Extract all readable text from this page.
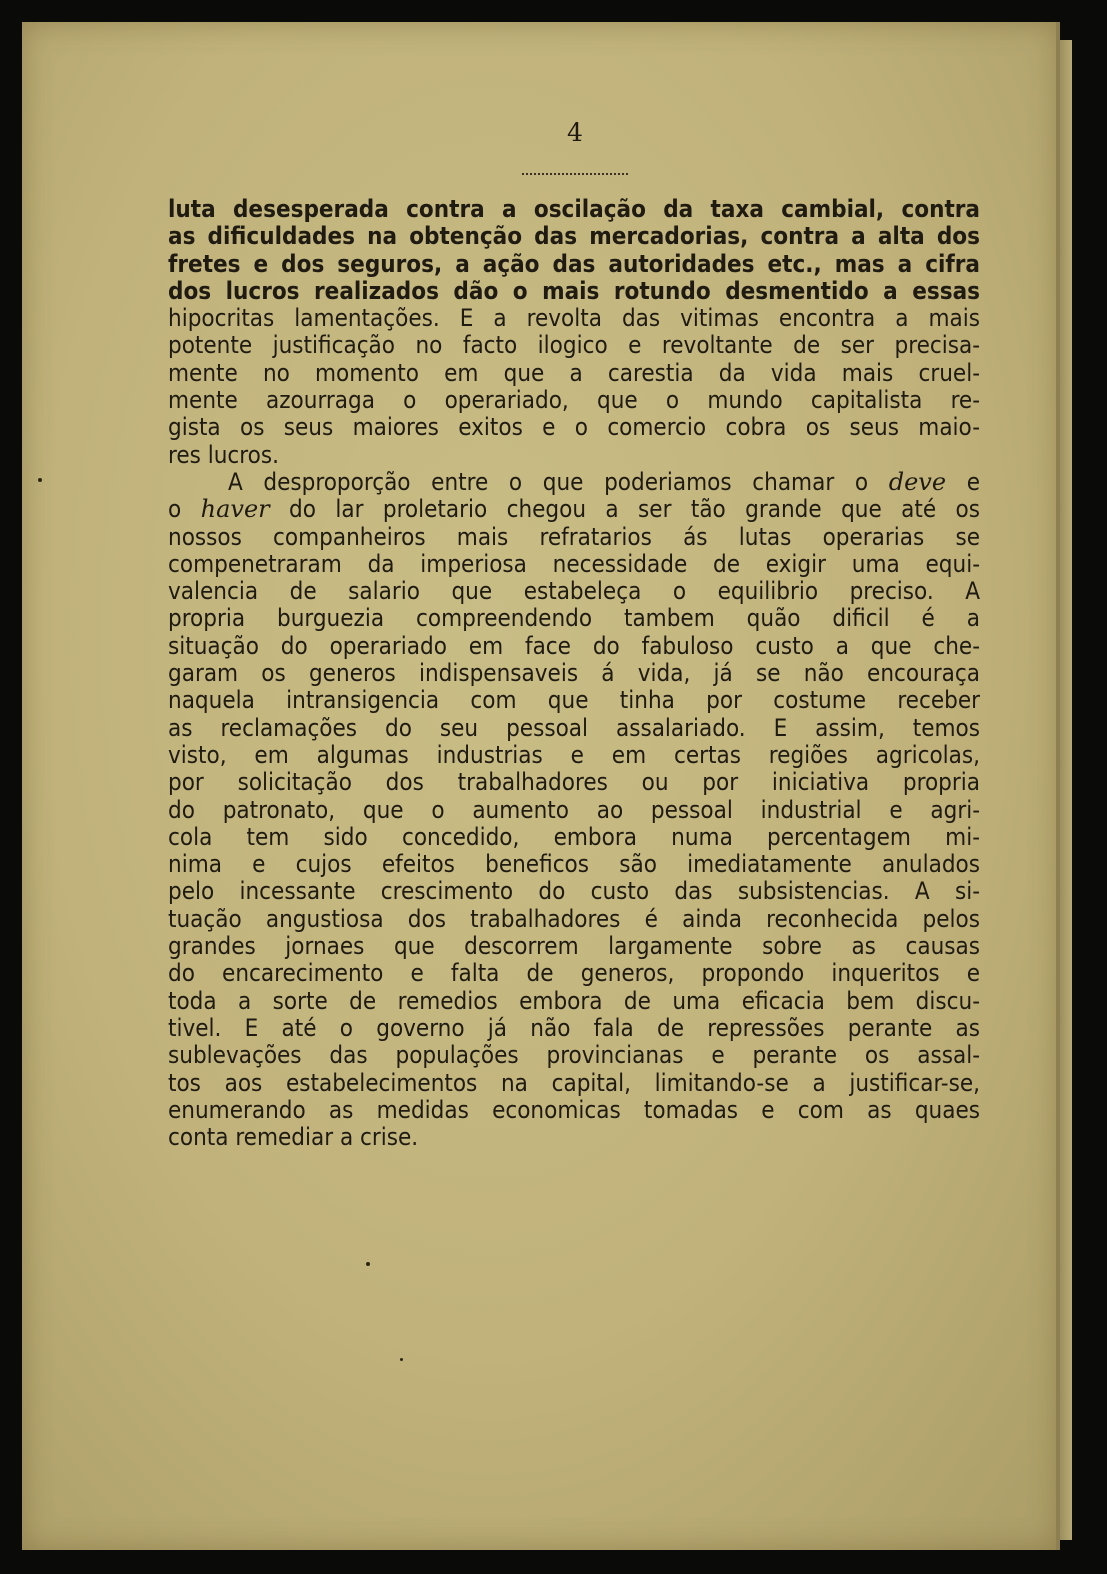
4
luta desesperada contra a oscilação da taxa cambial, contra
as dificuldades na obtenção das mercadorias, contra a alta dos
fretes e dos seguros, a ação das autoridades etc., mas a cifra
dos lucros realizados dão o mais rotundo desmentido a essas
hipocritas lamentações. E a revolta das vitimas encontra a mais
potente justificação no facto ilogico e revoltante de ser precisa-
mente no momento em que a carestia da vida mais cruel-
mente azourraga o operariado, que o mundo capitalista re-
gista os seus maiores exitos e o comercio cobra os seus maio-
res lucros.
A desproporção entre o que poderiamos chamar o deve e
o haver do lar proletario chegou a ser tão grande que até os
nossos companheiros mais refratarios ás lutas operarias se
compenetraram da imperiosa necessidade de exigir uma equi-
valencia de salario que estabeleça o equilibrio preciso. A
propria burguezia compreendendo tambem quão dificil é a
situação do operariado em face do fabuloso custo a que che-
garam os generos indispensaveis á vida, já se não encouraça
naquela intransigencia com que tinha por costume receber
as reclamações do seu pessoal assalariado. E assim, temos
visto, em algumas industrias e em certas regiões agricolas,
por solicitação dos trabalhadores ou por iniciativa propria
do patronato, que o aumento ao pessoal industrial e agri-
cola tem sido concedido, embora numa percentagem mi-
nima e cujos efeitos beneficos são imediatamente anulados
pelo incessante crescimento do custo das subsistencias. A si-
tuação angustiosa dos trabalhadores é ainda reconhecida pelos
grandes jornaes que descorrem largamente sobre as causas
do encarecimento e falta de generos, propondo inqueritos e
toda a sorte de remedios embora de uma eficacia bem discu-
tivel. E até o governo já não fala de repressões perante as
sublevações das populações provincianas e perante os assal-
tos aos estabelecimentos na capital, limitando-se a justificar-se,
enumerando as medidas economicas tomadas e com as quaes
conta remediar a crise.
